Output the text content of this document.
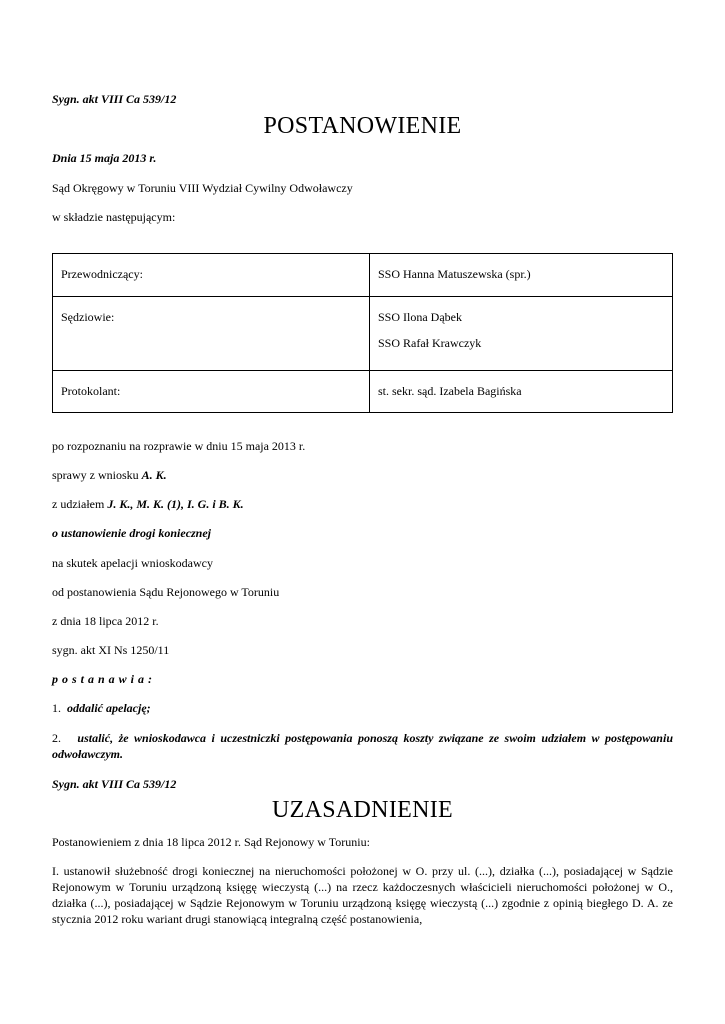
Sygn. akt VIII Ca 539/12
POSTANOWIENIE
Dnia 15 maja 2013 r.
Sąd Okręgowy w Toruniu VIII Wydział Cywilny Odwoławczy
w składzie następującym:
Przewodniczący:	SSO Hanna Matuszewska (spr.)
Sędziowie:	SSO Ilona Dąbek
SSO Rafał Krawczyk

Protokolant:	st. sekr. sąd. Izabela Bagińska
po rozpoznaniu na rozprawie w dniu 15 maja 2013 r.
sprawy z wniosku A. K.
z udziałem J. K., M. K. (1), I. G. i B. K.
o ustanowienie drogi koniecznej
na skutek apelacji wnioskodawcy
od postanowienia Sądu Rejonowego w Toruniu
z dnia 18 lipca 2012 r.
sygn. akt XI Ns 1250/11
p o s t a n a w i a :
1. oddalić apelację;
2. ustalić, że wnioskodawca i uczestniczki postępowania ponoszą koszty związane ze swoim udziałem w postępowaniu odwoławczym.
Sygn. akt VIII Ca 539/12
UZASADNIENIE
Postanowieniem z dnia 18 lipca 2012 r. Sąd Rejonowy w Toruniu:
I. ustanowił służebność drogi koniecznej na nieruchomości położonej w O. przy ul. (...), działka (...), posiadającej w Sądzie Rejonowym w Toruniu urządzoną księgę wieczystą (...) na rzecz każdoczesnych właścicieli nieruchomości położonej w O., działka (...), posiadającej w Sądzie Rejonowym w Toruniu urządzoną księgę wieczystą (...) zgodnie z opinią biegłego D. A. ze stycznia 2012 roku wariant drugi stanowiącą integralną część postanowienia,
